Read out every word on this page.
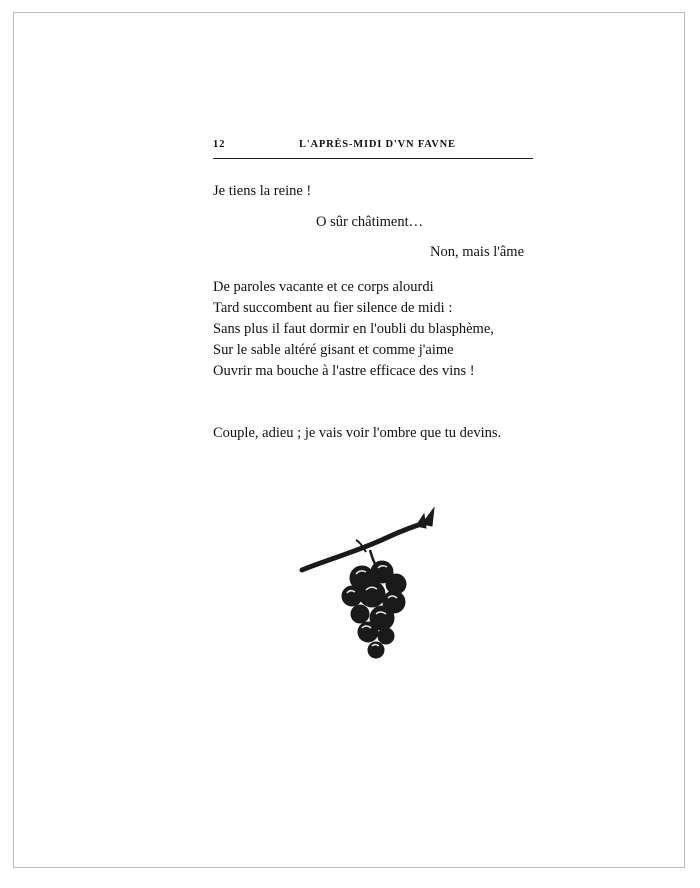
12	L'APRÈS-MIDI D'VN FAVNE
Je tiens la reine !
O sûr châtiment…
Non, mais l'âme
De paroles vacante et ce corps alourdi
Tard succombent au fier silence de midi :
Sans plus il faut dormir en l'oubli du blasphème,
Sur le sable altéré gisant et comme j'aime
Ouvrir ma bouche à l'astre efficace des vins !
Couple, adieu ; je vais voir l'ombre que tu devins.
